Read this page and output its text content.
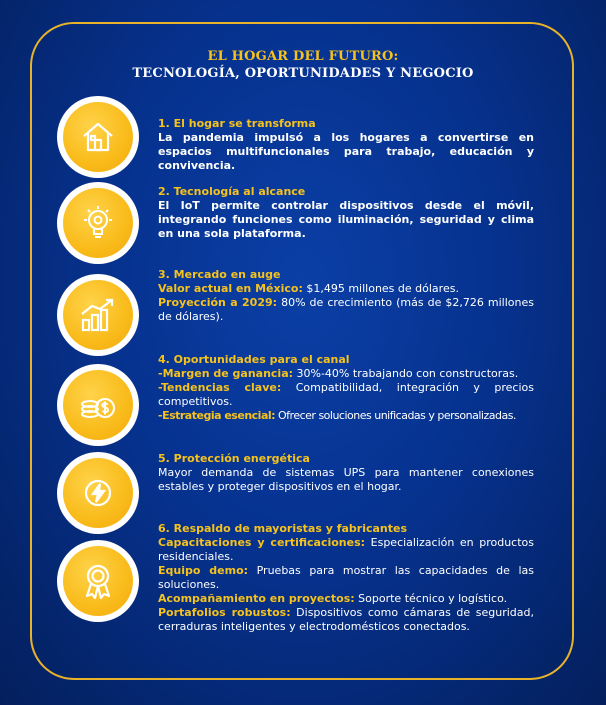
EL HOGAR DEL FUTURO:
TECNOLOGÍA, OPORTUNIDADES Y NEGOCIO

1. El hogar se transforma

La pandemia impulsó a los hogares a convertirse en espacios multifuncionales para trabajo, educación y convivencia.

2. Tecnología al alcance

El IoT permite controlar dispositivos desde el móvil, integrando funciones como iluminación, seguridad y clima en una sola plataforma.

3. Mercado en auge

Valor actual en México: $1,495 millones de dólares.

Proyección a 2029: 80% de crecimiento (más de $2,726 millones de dólares).

4. Oportunidades para el canal

-Margen de ganancia: 30%-40% trabajando con constructoras.

-Tendencias clave: Compatibilidad, integración y precios competitivos.

-Estrategia esencial: Ofrecer soluciones unificadas y personalizadas.

5. Protección energética

Mayor demanda de sistemas UPS para mantener conexiones estables y proteger dispositivos en el hogar.

6. Respaldo de mayoristas y fabricantes

Capacitaciones y certificaciones: Especialización en productos residenciales.

Equipo demo: Pruebas para mostrar las capacidades de las soluciones.

Acompañamiento en proyectos: Soporte técnico y logístico.

Portafolios robustos: Dispositivos como cámaras de seguridad, cerraduras inteligentes y electrodomésticos conectados.
